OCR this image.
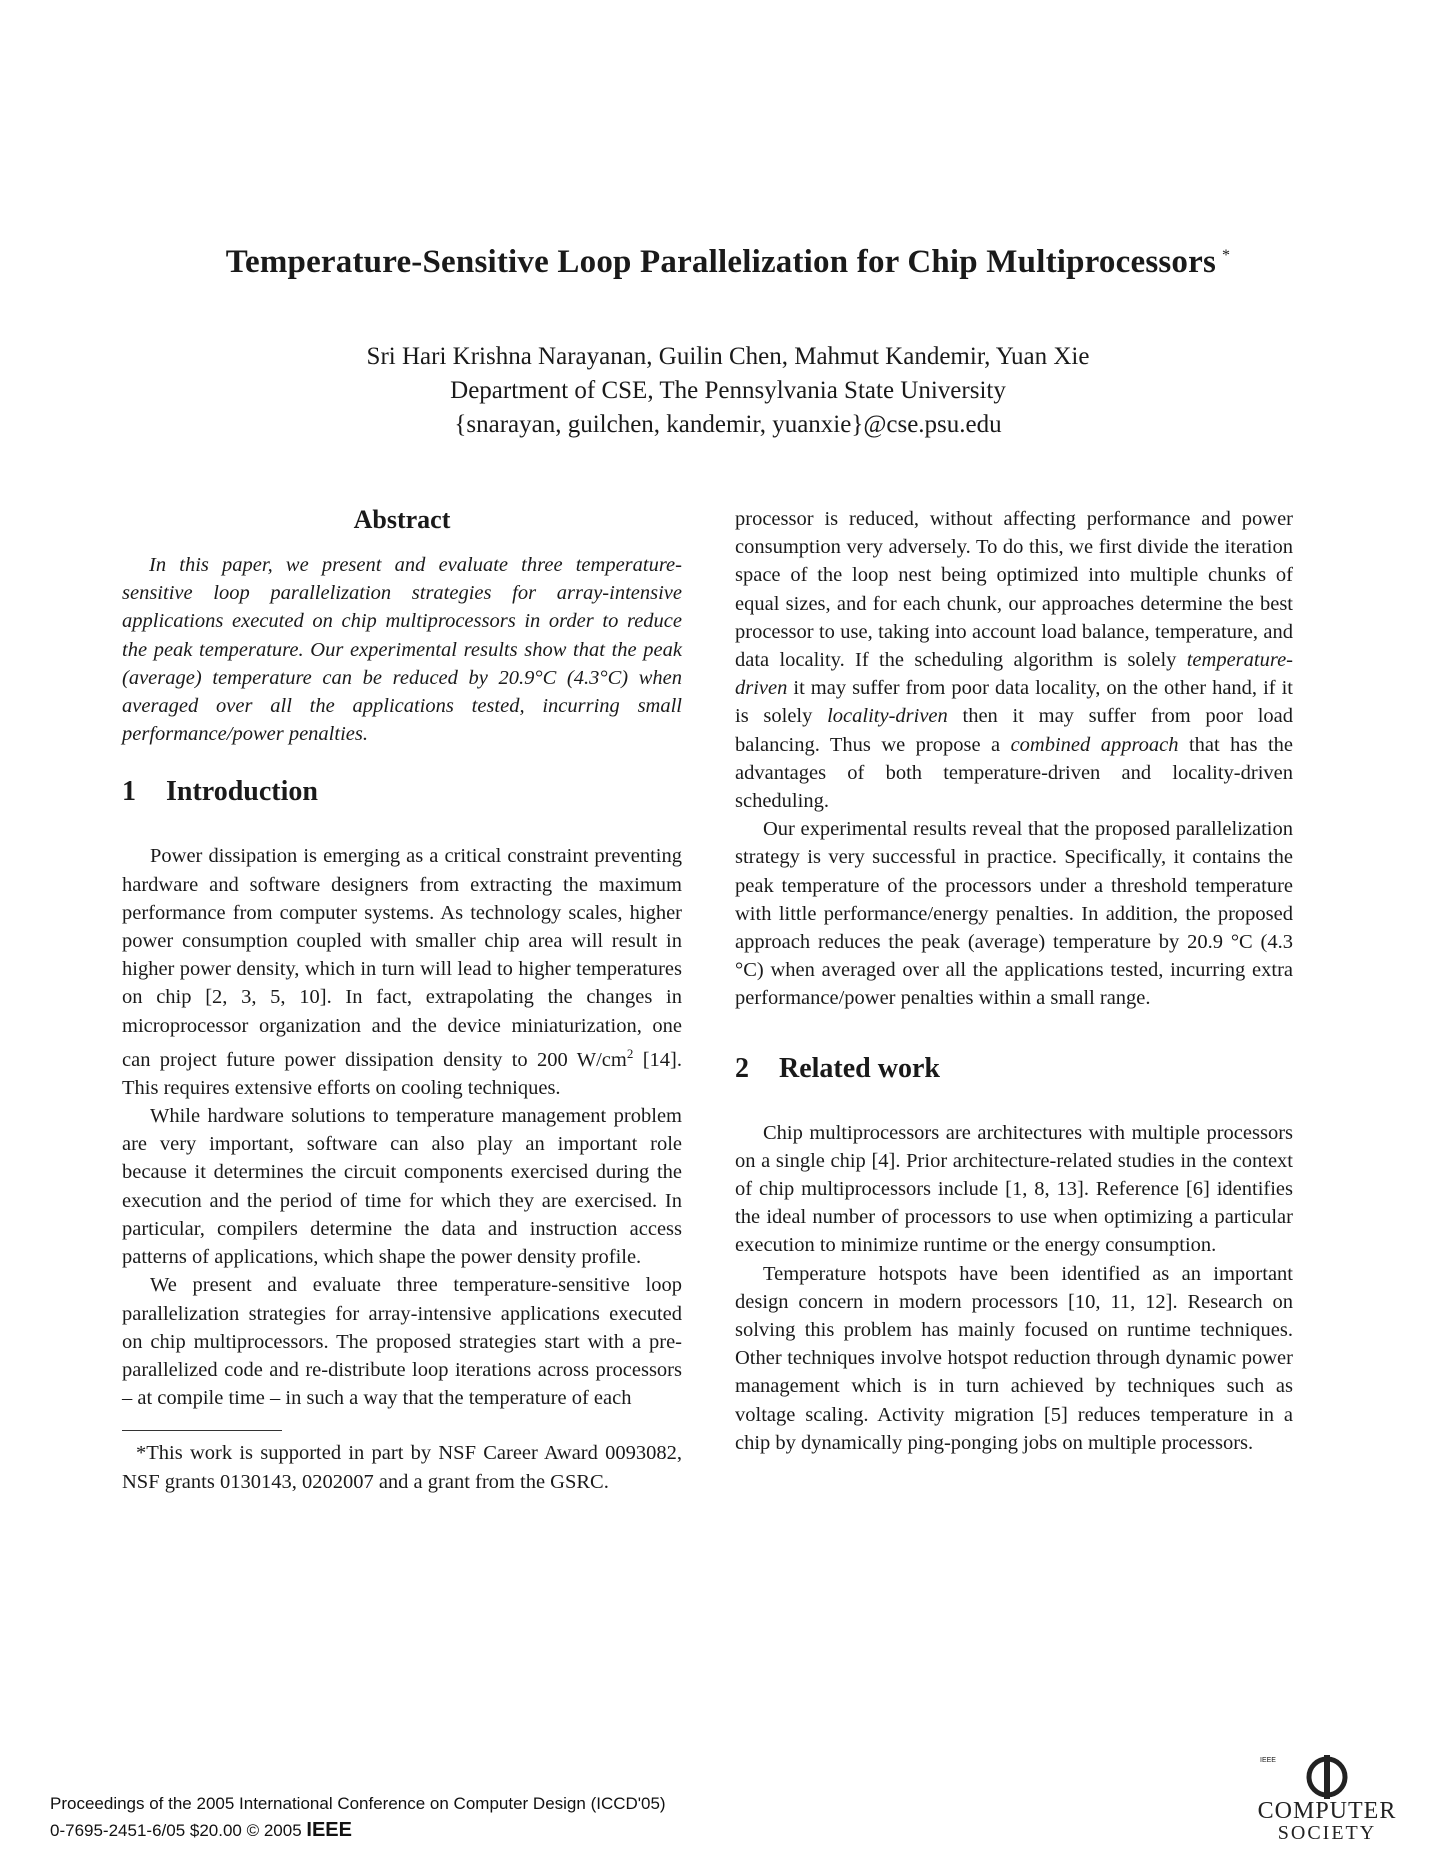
Temperature-Sensitive Loop Parallelization for Chip Multiprocessors *
Sri Hari Krishna Narayanan, Guilin Chen, Mahmut Kandemir, Yuan Xie
Department of CSE, The Pennsylvania State University
{snarayan, guilchen, kandemir, yuanxie}@cse.psu.edu
Abstract

In this paper, we present and evaluate three temperature-sensitive loop parallelization strategies for array-intensive applications executed on chip multiprocessors in order to reduce the peak temperature. Our experimental results show that the peak (average) temperature can be reduced by 20.9°C (4.3°C) when averaged over all the applications tested, incurring small performance/power penalties.

1 Introduction

Power dissipation is emerging as a critical constraint preventing hardware and software designers from extracting the maximum performance from computer systems. As technology scales, higher power consumption coupled with smaller chip area will result in higher power density, which in turn will lead to higher temperatures on chip [2, 3, 5, 10]. In fact, extrapolating the changes in microprocessor organization and the device miniaturization, one can project future power dissipation density to 200 $W/cm^2$ [14]. This requires extensive efforts on cooling techniques.

While hardware solutions to temperature management problem are very important, software can also play an important role because it determines the circuit components exercised during the execution and the period of time for which they are exercised. In particular, compilers determine the data and instruction access patterns of applications, which shape the power density profile.

We present and evaluate three temperature-sensitive loop parallelization strategies for array-intensive applications executed on chip multiprocessors. The proposed strategies start with a pre-parallelized code and re-distribute loop iterations across processors – at compile time – in such a way that the temperature of each

*This work is supported in part by NSF Career Award 0093082, NSF grants 0130143, 0202007 and a grant from the GSRC.

processor is reduced, without affecting performance and power consumption very adversely. To do this, we first divide the iteration space of the loop nest being optimized into multiple chunks of equal sizes, and for each chunk, our approaches determine the best processor to use, taking into account load balance, temperature, and data locality. If the scheduling algorithm is solely temperature-driven it may suffer from poor data locality, on the other hand, if it is solely locality-driven then it may suffer from poor load balancing. Thus we propose a combined approach that has the advantages of both temperature-driven and locality-driven scheduling.

Our experimental results reveal that the proposed parallelization strategy is very successful in practice. Specifically, it contains the peak temperature of the processors under a threshold temperature with little performance/energy penalties. In addition, the proposed approach reduces the peak (average) temperature by 20.9 °C (4.3 °C) when averaged over all the applications tested, incurring extra performance/power penalties within a small range.

2 Related work

Chip multiprocessors are architectures with multiple processors on a single chip [4]. Prior architecture-related studies in the context of chip multiprocessors include [1, 8, 13]. Reference [6] identifies the ideal number of processors to use when optimizing a particular execution to minimize runtime or the energy consumption.

Temperature hotspots have been identified as an important design concern in modern processors [10, 11, 12]. Research on solving this problem has mainly focused on runtime techniques. Other techniques involve hotspot reduction through dynamic power management which is in turn achieved by techniques such as voltage scaling. Activity migration [5] reduces temperature in a chip by dynamically ping-ponging jobs on multiple processors.

Proceedings of the 2005 International Conference on Computer Design (ICCD'05)
0-7695-2451-6/05 $20.00 © 2005 IEEE
IEEE
COMPUTER
SOCIETY
